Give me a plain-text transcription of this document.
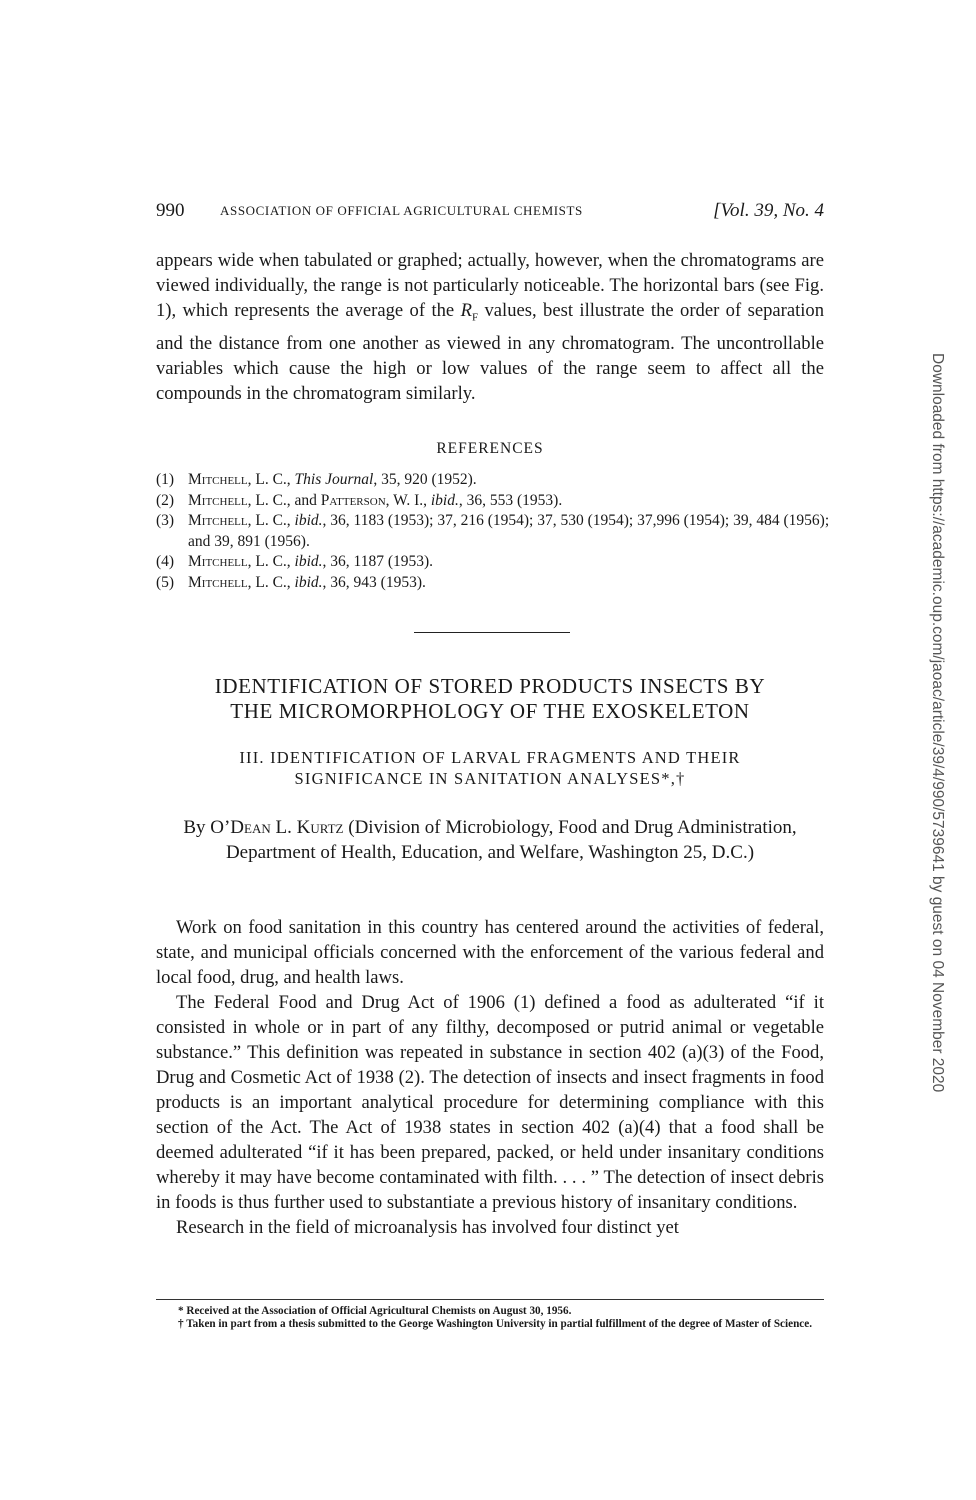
990	ASSOCIATION OF OFFICIAL AGRICULTURAL CHEMISTS	[Vol. 39, No. 4

appears wide when tabulated or graphed; actually, however, when the chromatograms are viewed individually, the range is not particularly noticeable. The horizontal bars (see Fig. 1), which represents the average of the $R_F$ values, best illustrate the order of separation and the distance from one another as viewed in any chromatogram. The uncontrollable variables which cause the high or low values of the range seem to affect all the compounds in the chromatogram similarly.

REFERENCES
(1) Mitchell, L. C., This Journal, 35, 920 (1952).
(2) Mitchell, L. C., and Patterson, W. I., ibid., 36, 553 (1953).
(3) Mitchell, L. C., ibid., 36, 1183 (1953); 37, 216 (1954); 37, 530 (1954); 37,996 (1954); 39, 484 (1956); and 39, 891 (1956).
(4) Mitchell, L. C., ibid., 36, 1187 (1953).
(5) Mitchell, L. C., ibid., 36, 943 (1953).
IDENTIFICATION OF STORED PRODUCTS INSECTS BY
THE MICROMORPHOLOGY OF THE EXOSKELETON
III. IDENTIFICATION OF LARVAL FRAGMENTS AND THEIR
SIGNIFICANCE IN SANITATION ANALYSES*,†

By O’Dean L. Kurtz (Division of Microbiology, Food and Drug Administration, Department of Health, Education, and Welfare, Washington 25, D.C.)

Work on food sanitation in this country has centered around the activities of federal, state, and municipal officials concerned with the enforcement of the various federal and local food, drug, and health laws.

The Federal Food and Drug Act of 1906 (1) defined a food as adulterated “if it consisted in whole or in part of any filthy, decomposed or putrid animal or vegetable substance.” This definition was repeated in substance in section 402 (a)(3) of the Food, Drug and Cosmetic Act of 1938 (2). The detection of insects and insect fragments in food products is an important analytical procedure for determining compliance with this section of the Act. The Act of 1938 states in section 402 (a)(4) that a food shall be deemed adulterated “if it has been prepared, packed, or held under insanitary conditions whereby it may have become contaminated with filth. . . . ” The detection of insect debris in foods is thus further used to substantiate a previous history of insanitary conditions.

Research in the field of microanalysis has involved four distinct yet

* Received at the Association of Official Agricultural Chemists on August 30, 1956.

† Taken in part from a thesis submitted to the George Washington University in partial fulfillment of the degree of Master of Science.

Downloaded from https://academic.oup.com/jaoac/article/39/4/990/5739641 by guest on 04 November 2020
